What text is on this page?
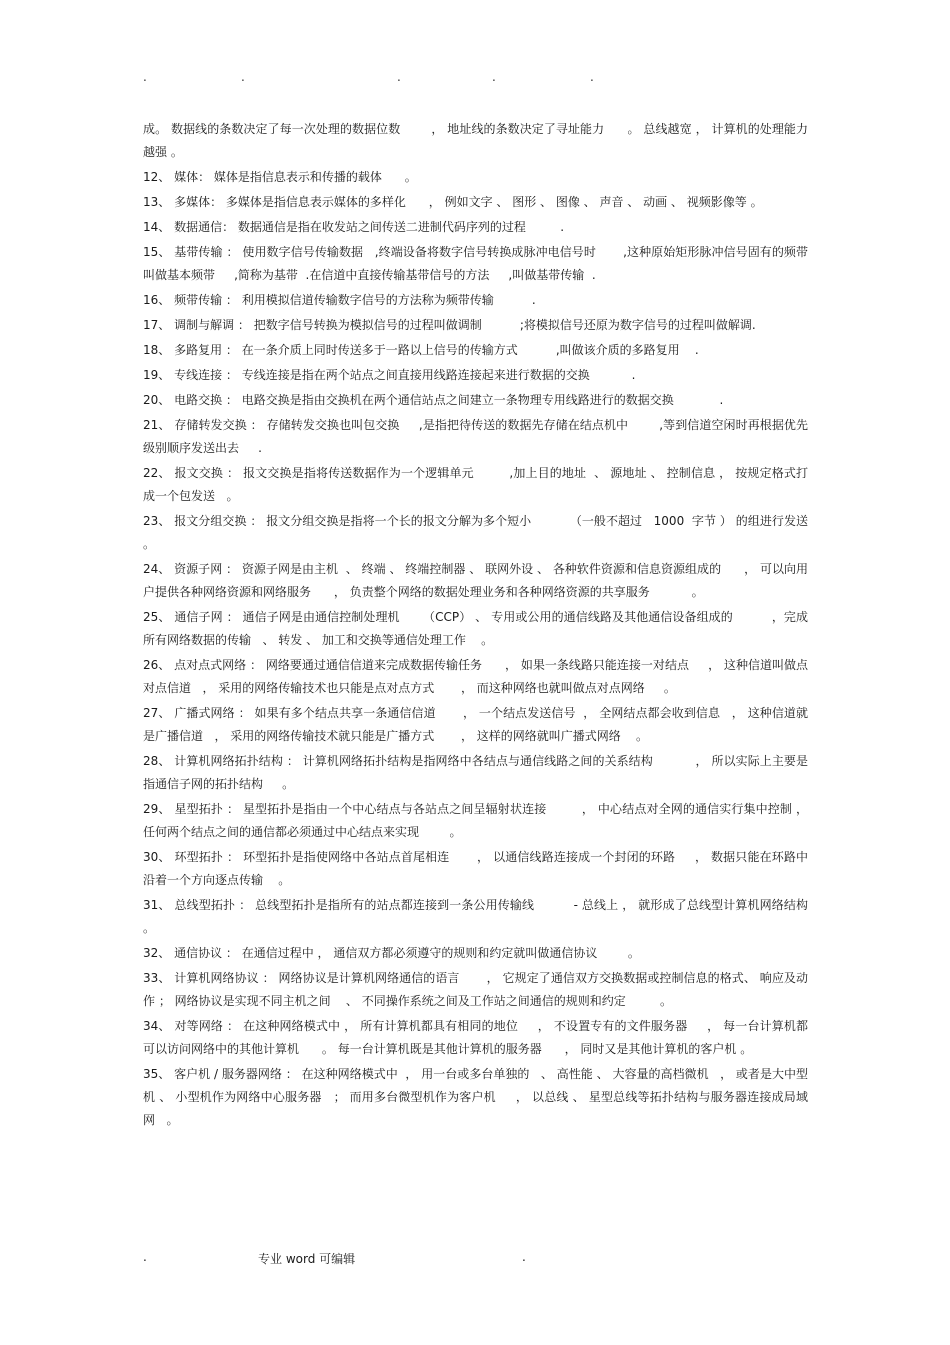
.	.	.	.	.

成。 数据线的条数决定了每一次处理的数据位数        ， 地址线的条数决定了寻址能力      。 总线越宽 ， 计算机的处理能力越强 。

12、 媒体： 媒体是指信息表示和传播的载体      。

13、 多媒体： 多媒体是指信息表示媒体的多样化      ， 例如文字 、 图形 、 图像 、 声音 、 动画 、 视频影像等 。

14、 数据通信： 数据通信是指在收发站之间传送二进制代码序列的过程         .

15、 基带传输 ： 使用数字信号传输数据   ,终端设备将数字信号转换成脉冲电信号时       ,这种原始矩形脉冲信号固有的频带叫做基本频带     ,简称为基带  .在信道中直接传输基带信号的方法     ,叫做基带传输  .

16、 频带传输 ： 利用模拟信道传输数字信号的方法称为频带传输          .

17、 调制与解调 ： 把数字信号转换为模拟信号的过程叫做调制          ;将模拟信号还原为数字信号的过程叫做解调.

18、 多路复用 ： 在一条介质上同时传送多于一路以上信号的传输方式          ,叫做该介质的多路复用    .

19、 专线连接 ： 专线连接是指在两个站点之间直接用线路连接起来进行数据的交换           .

20、 电路交换 ： 电路交换是指由交换机在两个通信站点之间建立一条物理专用线路进行的数据交换            .

21、 存储转发交换 ： 存储转发交换也叫包交换     ,是指把待传送的数据先存储在结点机中        ,等到信道空闲时再根据优先级别顺序发送出去     .

22、 报文交换 ： 报文交换是指将传送数据作为一个逻辑单元         ,加上目的地址  、 源地址 、 控制信息 ， 按规定格式打成一个包发送   。

23、 报文分组交换 ： 报文分组交换是指将一个长的报文分解为多个短小          （一般不超过   1000  字节 ） 的组进行发送 。

24、 资源子网 ： 资源子网是由主机  、 终端 、 终端控制器 、 联网外设 、 各种软件资源和信息资源组成的      ， 可以向用户提供各种网络资源和网络服务      ， 负责整个网络的数据处理业务和各种网络资源的共享服务           。

25、 通信子网 ： 通信子网是由通信控制处理机      （CCP） 、 专用或公用的通信线路及其他通信设备组成的          ，完成所有网络数据的传输   、 转发 、 加工和交换等通信处理工作    。

26、 点对点式网络 ： 网络要通过通信信道来完成数据传输任务      ， 如果一条线路只能连接一对结点     ， 这种信道叫做点对点信道   ， 采用的网络传输技术也只能是点对点方式       ， 而这种网络也就叫做点对点网络     。

27、 广播式网络 ： 如果有多个结点共享一条通信信道       ， 一个结点发送信号  ， 全网结点都会收到信息   ， 这种信道就是广播信道   ， 采用的网络传输技术就只能是广播方式       ， 这样的网络就叫广播式网络    。

28、 计算机网络拓扑结构 ： 计算机网络拓扑结构是指网络中各结点与通信线路之间的关系结构           ， 所以实际上主要是指通信子网的拓扑结构     。

29、 星型拓扑 ： 星型拓扑是指由一个中心结点与各站点之间呈辐射状连接         ， 中心结点对全网的通信实行集中控制 ， 任何两个结点之间的通信都必须通过中心结点来实现        。

30、 环型拓扑 ： 环型拓扑是指使网络中各站点首尾相连       ， 以通信线路连接成一个封闭的环路     ， 数据只能在环路中沿着一个方向逐点传输    。

31、 总线型拓扑 ： 总线型拓扑是指所有的站点都连接到一条公用传输线          - 总线上 ， 就形成了总线型计算机网络结构 。

32、 通信协议 ： 在通信过程中 ， 通信双方都必须遵守的规则和约定就叫做通信协议        。

33、 计算机网络协议 ： 网络协议是计算机网络通信的语言       ， 它规定了通信双方交换数据或控制信息的格式、 响应及动作 ； 网络协议是实现不同主机之间    、 不同操作系统之间及工作站之间通信的规则和约定         。

34、 对等网络 ： 在这种网络模式中 ， 所有计算机都具有相同的地位     ， 不设置专有的文件服务器     ， 每一台计算机都可以访问网络中的其他计算机      。 每一台计算机既是其他计算机的服务器      ， 同时又是其他计算机的客户机 。

35、 客户机 / 服务器网络 ： 在这种网络模式中  ， 用一台或多台单独的   、 高性能 、 大容量的高档微机   ， 或者是大中型机 、 小型机作为网络中心服务器   ； 而用多台微型机作为客户机     ， 以总线 、 星型总线等拓扑结构与服务器连接成局域网   。

.	专业 word 可编辑	.
